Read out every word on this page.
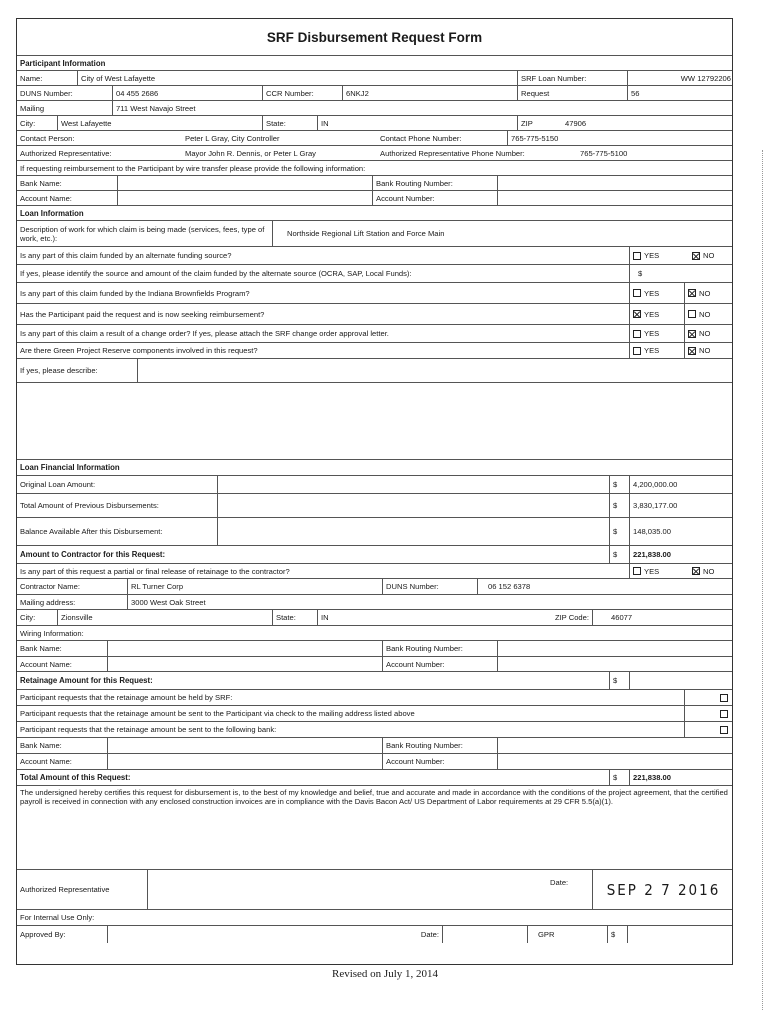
SRF Disbursement Request Form
Participant Information
Name:	City of West Lafayette	SRF Loan Number:	WW 12792206
DUNS Number:	04 455 2686	CCR Number:	6NKJ2	Request	56
Mailing	711 West Navajo Street
City:	West Lafayette	State:	IN	ZIP	47906
Contact Person:	Peter L Gray, City Controller	Contact Phone Number:	765-775-5150
Authorized Representative:	Mayor John R. Dennis, or Peter L Gray	Authorized Representative Phone Number:	765-775-5100
If requesting reimbursement to the Participant by wire transfer please provide the following information:
Bank Name:	Bank Routing Number:
Account Name:	Account Number:
Loan Information
Description of work for which claim is being made (services, fees, type of work, etc.):	Northside Regional Lift Station and Force Main
Is any part of this claim funded by an alternate funding source?	YES	NO
If yes, please identify the source and amount of the claim funded by the alternate source (OCRA, SAP, Local Funds):	$
Is any part of this claim funded by the Indiana Brownfields Program?	YES	NO
Has the Participant paid the request and is now seeking reimbursement?	YES	NO
Is any part of this claim a result of a change order? If yes, please attach the SRF change order approval letter.	YES	NO
Are there Green Project Reserve components involved in this request?	YES	NO
If yes, please describe:
Loan Financial Information
Original Loan Amount:	$	4,200,000.00
Total Amount of Previous Disbursements:	$	3,830,177.00
Balance Available After this Disbursement:	$	148,035.00
Amount to Contractor for this Request:	$	221,838.00
Is any part of this request a partial or final release of retainage to the contractor?	YES	NO
Contractor Name:	RL Turner Corp	DUNS Number:	06 152 6378
Mailing address:	3000 West Oak Street
City:	Zionsville	State:	IN	ZIP Code:	46077
Wiring Information:
Bank Name:	Bank Routing Number:
Account Name:	Account Number:
Retainage Amount for this Request:	$
Participant requests that the retainage amount be held by SRF:
Participant requests that the retainage amount be sent to the Participant via check to the mailing address listed above
Participant requests that the retainage amount be sent to the following bank:
Bank Name:	Bank Routing Number:
Account Name:	Account Number:
Total Amount of this Request:	$	221,838.00
The undersigned hereby certifies this request for disbursement is, to the best of my knowledge and belief, true and accurate and made in accordance with the conditions of the project agreement, that the certified payroll is received in connection with any enclosed construction invoices are in compliance with the Davis Bacon Act/ US Department of Labor requirements at 29 CFR 5.5(a)(1).
Authorized Representative
Date:	SEP 2 7 2016
For Internal Use Only:
Approved By:	Date:	GPR	$
Revised on July 1, 2014
